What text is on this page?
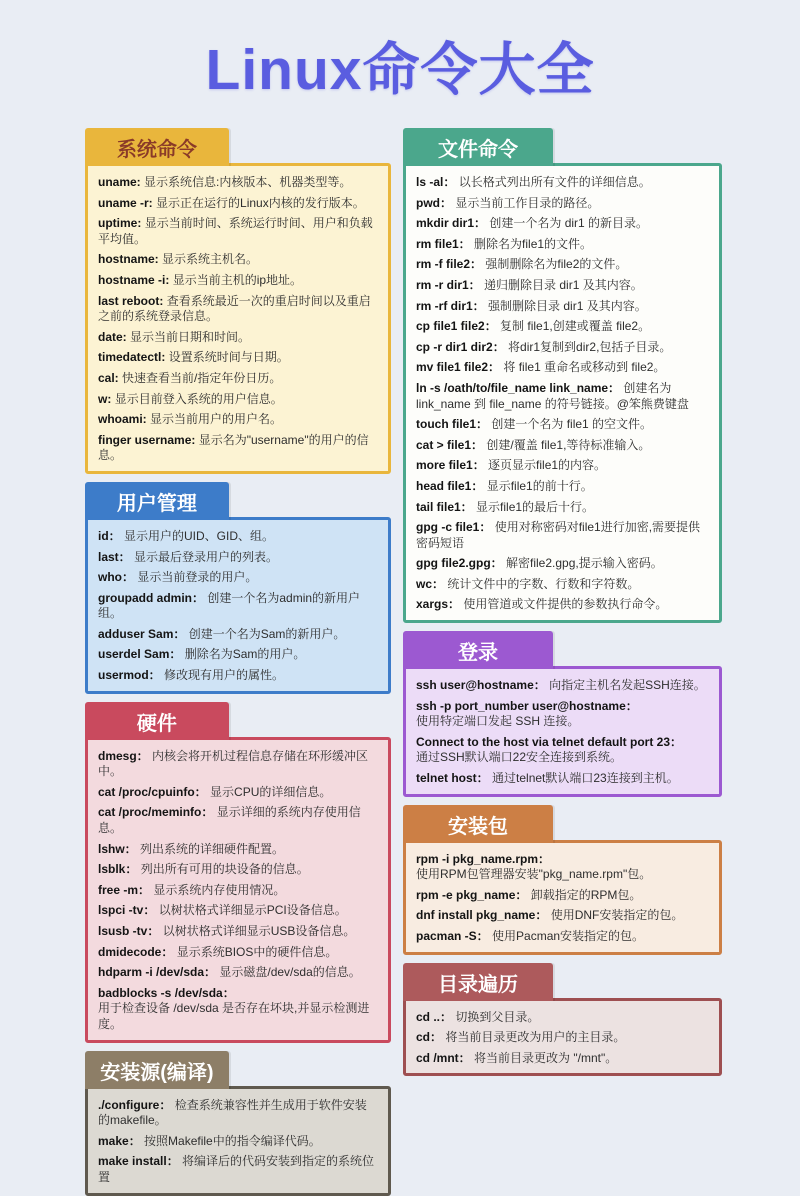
Linux命令大全
系统命令

uname: 显示系统信息:内核版本、机器类型等。

uname -r: 显示正在运行的Linux内核的发行版本。

uptime: 显示当前时间、系统运行时间、用户和负载平均值。

hostname: 显示系统主机名。

hostname -i: 显示当前主机的ip地址。

last reboot: 查看系统最近一次的重启时间以及重启之前的系统登录信息。

date: 显示当前日期和时间。

timedatectl: 设置系统时间与日期。

cal: 快速查看当前/指定年份日历。

w: 显示目前登入系统的用户信息。

whoami: 显示当前用户的用户名。

finger username: 显示名为"username"的用户的信息。

用户管理

id： 显示用户的UID、GID、组。

last： 显示最后登录用户的列表。

who： 显示当前登录的用户。

groupadd admin： 创建一个名为admin的新用户组。

adduser Sam： 创建一个名为Sam的新用户。

userdel Sam： 删除名为Sam的用户。

usermod： 修改现有用户的属性。

硬件

dmesg： 内核会将开机过程信息存储在环形缓冲区中。

cat /proc/cpuinfo： 显示CPU的详细信息。

cat /proc/meminfo： 显示详细的系统内存使用信息。

lshw： 列出系统的详细硬件配置。

lsblk： 列出所有可用的块设备的信息。

free -m： 显示系统内存使用情况。

lspci -tv： 以树状格式详细显示PCI设备信息。

lsusb -tv： 以树状格式详细显示USB设备信息。

dmidecode： 显示系统BIOS中的硬件信息。

hdparm -i /dev/sda： 显示磁盘/dev/sda的信息。

badblocks -s /dev/sda：
用于检查设备 /dev/sda 是否存在坏块,并显示检测进度。

安装源(编译)

./configure： 检查系统兼容性并生成用于软件安装的makefile。

make： 按照Makefile中的指令编译代码。

make install： 将编译后的代码安装到指定的系统位置

文件命令

ls -al： 以长格式列出所有文件的详细信息。

pwd： 显示当前工作目录的路径。

mkdir dir1： 创建一个名为 dir1 的新目录。

rm file1： 删除名为file1的文件。

rm -f file2： 强制删除名为file2的文件。

rm -r dir1： 递归删除目录 dir1 及其内容。

rm -rf dir1： 强制删除目录 dir1 及其内容。

cp file1 file2： 复制 file1,创建或覆盖 file2。

cp -r dir1 dir2： 将dir1复制到dir2,包括子目录。

mv file1 file2： 将 file1 重命名或移动到 file2。

ln -s /oath/to/file_name link_name： 创建名为 link_name 到 file_name 的符号链接。@笨熊费键盘

touch file1： 创建一个名为 file1 的空文件。

cat > file1： 创建/覆盖 file1,等待标准输入。

more file1： 逐页显示file1的内容。

head file1： 显示file1的前十行。

tail file1： 显示file1的最后十行。

gpg -c file1： 使用对称密码对file1进行加密,需要提供密码短语

gpg file2.gpg： 解密file2.gpg,提示输入密码。

wc： 统计文件中的字数、行数和字符数。

xargs： 使用管道或文件提供的参数执行命令。

登录

ssh user@hostname： 向指定主机名发起SSH连接。

ssh -p port_number user@hostname：
使用特定端口发起 SSH 连接。

Connect to the host via telnet default port 23：
通过SSH默认端口22安全连接到系统。

telnet host： 通过telnet默认端口23连接到主机。

安装包

rpm -i pkg_name.rpm：
使用RPM包管理器安装"pkg_name.rpm"包。

rpm -e pkg_name： 卸载指定的RPM包。

dnf install pkg_name： 使用DNF安装指定的包。

pacman -S： 使用Pacman安装指定的包。

目录遍历

cd ..： 切换到父目录。

cd： 将当前目录更改为用户的主目录。

cd /mnt： 将当前目录更改为 "/mnt"。
